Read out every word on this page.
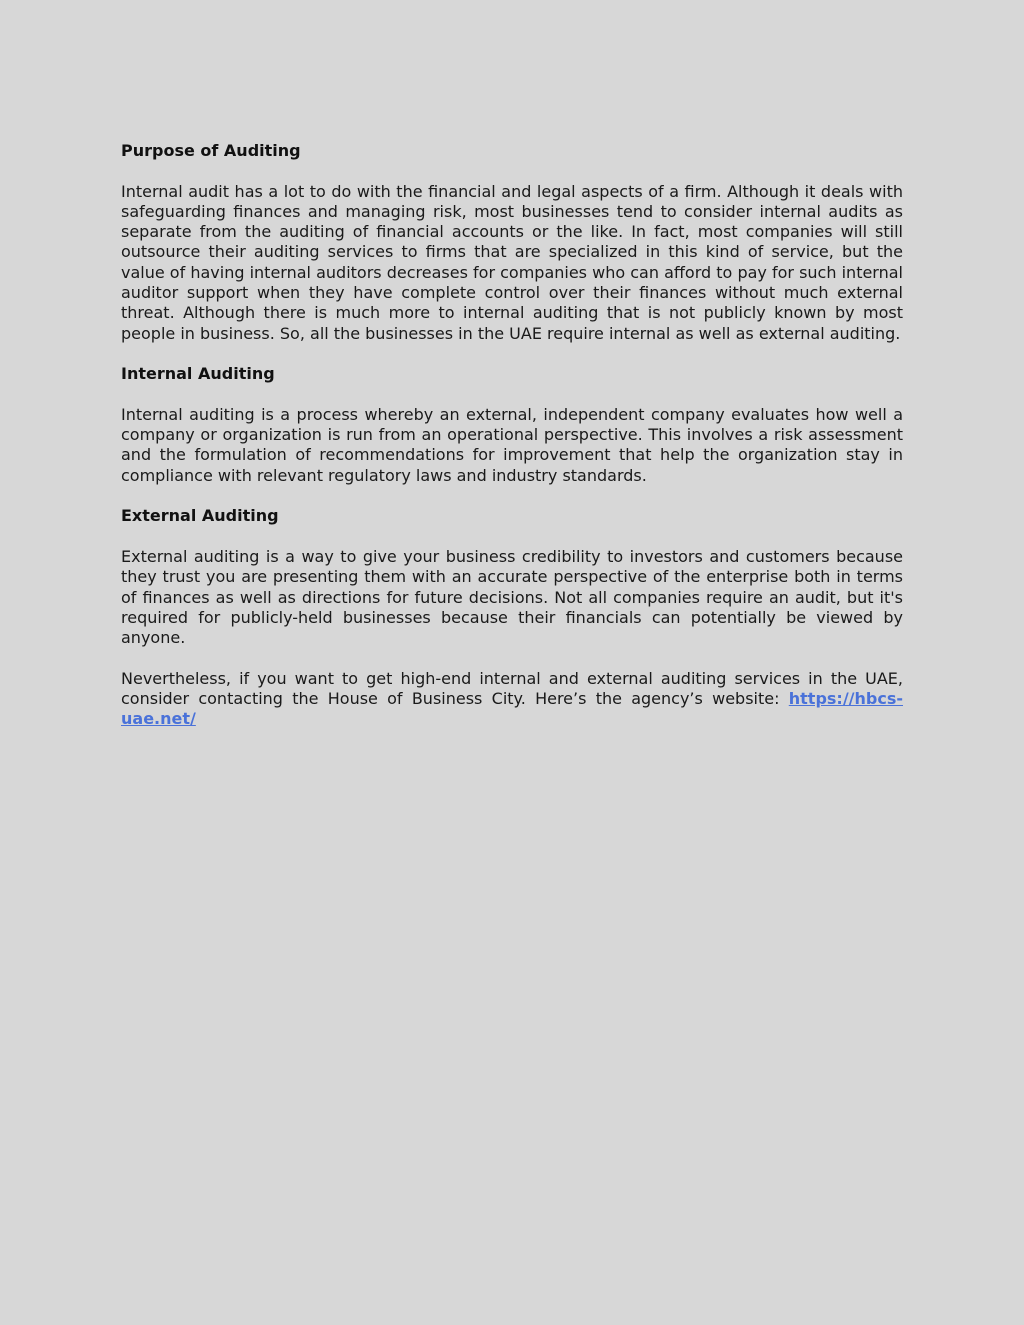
Purpose of Auditing

Internal audit has a lot to do with the financial and legal aspects of a firm. Although it deals with safeguarding finances and managing risk, most businesses tend to consider internal audits as separate from the auditing of financial accounts or the like. In fact, most companies will still outsource their auditing services to firms that are specialized in this kind of service, but the value of having internal auditors decreases for companies who can afford to pay for such internal auditor support when they have complete control over their finances without much external threat. Although there is much more to internal auditing that is not publicly known by most people in business. So, all the businesses in the UAE require internal as well as external auditing.

Internal Auditing

Internal auditing is a process whereby an external, independent company evaluates how well a company or organization is run from an operational perspective. This involves a risk assessment and the formulation of recommendations for improvement that help the organization stay in compliance with relevant regulatory laws and industry standards.

External Auditing

External auditing is a way to give your business credibility to investors and customers because they trust you are presenting them with an accurate perspective of the enterprise both in terms of finances as well as directions for future decisions. Not all companies require an audit, but it's required for publicly-held businesses because their financials can potentially be viewed by anyone.

Nevertheless, if you want to get high-end internal and external auditing services in the UAE, consider contacting the House of Business City. Here’s the agency’s website: https://hbcs-uae.net/
